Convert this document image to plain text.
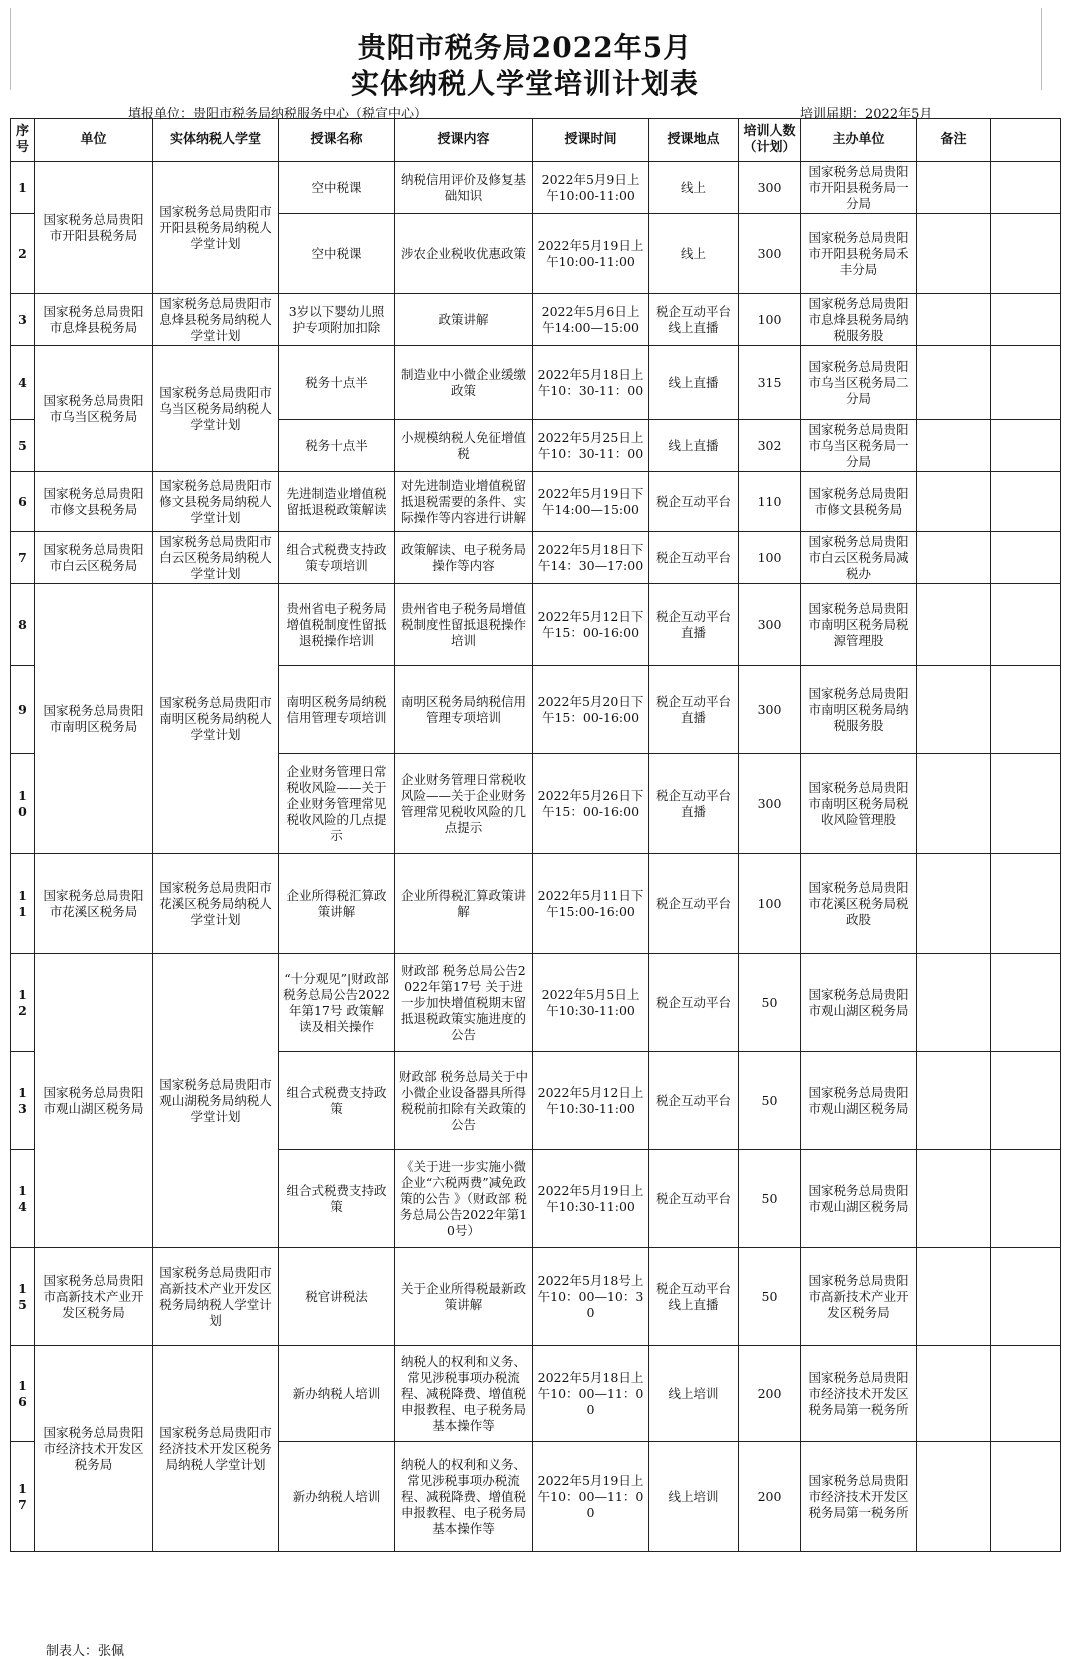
贵阳市税务局2022年5月
实体纳税人学堂培训计划表
填报单位：贵阳市税务局纳税服务中心（税宣中心）	培训届期：2022年5月
序号	单位	实体纳税人学堂	授课名称	授课内容	授课时间	授课地点	培训人数（计划）	主办单位	备注	
1	国家税务总局贵阳市开阳县税务局	国家税务总局贵阳市开阳县税务局纳税人学堂计划	空中税课	纳税信用评价及修复基础知识	2022年5月9日上午10:00-11:00	线上	300	国家税务总局贵阳市开阳县税务局一分局		
2			空中税课	涉农企业税收优惠政策	2022年5月19日上午10:00-11:00	线上	300	国家税务总局贵阳市开阳县税务局禾丰分局		
3	国家税务总局贵阳市息烽县税务局	国家税务总局贵阳市息烽县税务局纳税人学堂计划	3岁以下婴幼儿照护专项附加扣除	政策讲解	2022年5月6日上午14:00—15:00	税企互动平台线上直播	100	国家税务总局贵阳市息烽县税务局纳税服务股		
4	国家税务总局贵阳市乌当区税务局	国家税务总局贵阳市乌当区税务局纳税人学堂计划	税务十点半	制造业中小微企业缓缴政策	2022年5月18日上午10：30-11：00	线上直播	315	国家税务总局贵阳市乌当区税务局二分局		
5			税务十点半	小规模纳税人免征增值税	2022年5月25日上午10：30-11：00	线上直播	302	国家税务总局贵阳市乌当区税务局一分局		
6	国家税务总局贵阳市修文县税务局	国家税务总局贵阳市修文县税务局纳税人学堂计划	先进制造业增值税留抵退税政策解读	对先进制造业增值税留抵退税需要的条件、实际操作等内容进行讲解	2022年5月19日下午14:00—15:00	税企互动平台	110	国家税务总局贵阳市修文县税务局		
7	国家税务总局贵阳市白云区税务局	国家税务总局贵阳市白云区税务局纳税人学堂计划	组合式税费支持政策专项培训	政策解读、电子税务局操作等内容	2022年5月18日下午14：30—17:00	税企互动平台	100	国家税务总局贵阳市白云区税务局减税办		
8	国家税务总局贵阳市南明区税务局	国家税务总局贵阳市南明区税务局纳税人学堂计划	贵州省电子税务局增值税制度性留抵退税操作培训	贵州省电子税务局增值税制度性留抵退税操作培训	2022年5月12日下午15：00-16:00	税企互动平台直播	300	国家税务总局贵阳市南明区税务局税源管理股		
9			南明区税务局纳税信用管理专项培训	南明区税务局纳税信用管理专项培训	2022年5月20日下午15：00-16:00	税企互动平台直播	300	国家税务总局贵阳市南明区税务局纳税服务股		
10			企业财务管理日常税收风险——关于企业财务管理常见税收风险的几点提示	企业财务管理日常税收风险——关于企业财务管理常见税收风险的几点提示	2022年5月26日下午15：00-16:00	税企互动平台直播	300	国家税务总局贵阳市南明区税务局税收风险管理股		
11	国家税务总局贵阳市花溪区税务局	国家税务总局贵阳市花溪区税务局纳税人学堂计划	企业所得税汇算政策讲解	企业所得税汇算政策讲解	2022年5月11日下午15:00-16:00	税企互动平台	100	国家税务总局贵阳市花溪区税务局税政股		
12	国家税务总局贵阳市观山湖区税务局	国家税务总局贵阳市观山湖税务局纳税人学堂计划	“十分观见”|财政部 税务总局公告2022年第17号 政策解读及相关操作	财政部 税务总局公告2022年第17号 关于进一步加快增值税期末留抵退税政策实施进度的公告	2022年5月5日上午10:30-11:00	税企互动平台	50	国家税务总局贵阳市观山湖区税务局		
13			组合式税费支持政策	财政部 税务总局关于中小微企业设备器具所得税税前扣除有关政策的公告	2022年5月12日上午10:30-11:00	税企互动平台	50	国家税务总局贵阳市观山湖区税务局		
14			组合式税费支持政策	《关于进一步实施小微企业“六税两费”减免政策的公告 》（财政部 税务总局公告2022年第10号）	2022年5月19日上午10:30-11:00	税企互动平台	50	国家税务总局贵阳市观山湖区税务局		
15	国家税务总局贵阳市高新技术产业开发区税务局	国家税务总局贵阳市高新技术产业开发区税务局纳税人学堂计划	税官讲税法	关于企业所得税最新政策讲解	2022年5月18号上午10：00—10：30	税企互动平台线上直播	50	国家税务总局贵阳市高新技术产业开发区税务局		
16	国家税务总局贵阳市经济技术开发区税务局	国家税务总局贵阳市经济技术开发区税务局纳税人学堂计划	新办纳税人培训	纳税人的权利和义务、常见涉税事项办税流程、减税降费、增值税申报教程、电子税务局基本操作等	2022年5月18日上午10：00—11：00	线上培训	200	国家税务总局贵阳市经济技术开发区税务局第一税务所		
17			新办纳税人培训	纳税人的权利和义务、常见涉税事项办税流程、减税降费、增值税申报教程、电子税务局基本操作等	2022年5月19日上午10：00—11：00	线上培训	200	国家税务总局贵阳市经济技术开发区税务局第一税务所		
制表人：张佩
